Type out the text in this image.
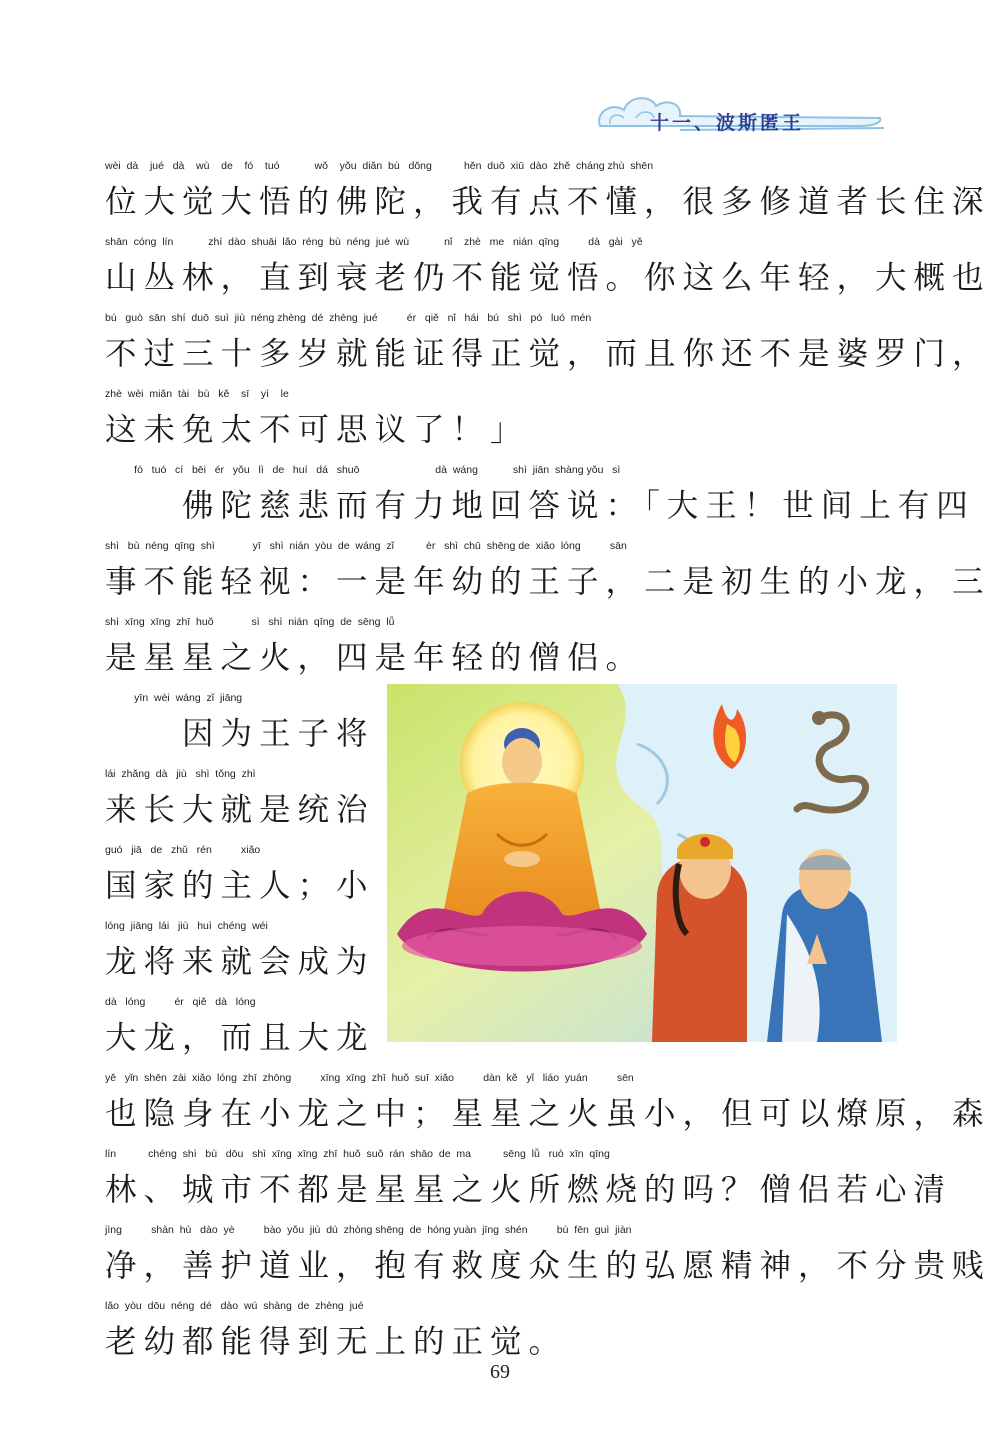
十一、波斯匿王
wèi  dà    jué   dà    wù    de    fó    tuó            wǒ    yǒu  diǎn  bù   dǒng           hěn  duō  xiū  dào  zhě  cháng zhù  shēn
位大觉大悟的佛陀，我有点不懂，很多修道者长住深
shān  cóng  lín            zhí  dào  shuāi  lǎo  réng  bù  néng  jué  wù            nǐ    zhè   me   nián  qīng          dà   gài   yě
山丛林，直到衰老仍不能觉悟。你这么年轻，大概也
bú   guò  sān  shí  duō  suì  jiù  néng zhèng  dé  zhèng  jué          ér   qiě   nǐ   hái   bú   shì   pó   luó  mén
不过三十多岁就能证得正觉，而且你还不是婆罗门，
zhè  wèi  miǎn  tài   bù   kě    sī    yì    le
这未免太不可思议了！」
fó   tuó   cí   bēi   ér   yǒu   lì   de   huí   dá   shuō                          dà  wáng            shì  jiān  shàng yǒu   sì
　　佛陀慈悲而有力地回答说：「大王！世间上有四
shì   bù  néng  qīng  shì             yī   shì  nián  yòu  de  wáng  zǐ           èr   shì  chū  shēng de  xiǎo  lóng          sān
事不能轻视：一是年幼的王子，二是初生的小龙，三
shì  xīng  xīng  zhī  huǒ             sì   shì  nián  qīng  de  sēng  lǚ
是星星之火，四是年轻的僧侣。
yīn  wèi  wáng  zǐ  jiāng
　　因为王子将
lái  zhǎng  dà   jiù   shì  tǒng  zhì
来长大就是统治
guó   jiā   de   zhǔ   rén          xiǎo
国家的主人；小
lóng  jiāng  lái   jiù   huì  chéng  wéi
龙将来就会成为
dà   lóng          ér   qiě   dà   lóng
大龙，而且大龙
yě   yǐn  shēn  zài  xiǎo  lóng  zhī  zhōng          xīng  xīng  zhī  huǒ  suī  xiǎo          dàn  kě   yǐ   liáo  yuán          sēn
也隐身在小龙之中；星星之火虽小，但可以燎原，森
lín           chéng  shì   bù   dōu   shì  xīng  xīng  zhī  huǒ  suǒ  rán  shāo  de  ma           sēng  lǚ   ruò  xīn  qīng
林、城市不都是星星之火所燃烧的吗？僧侣若心清
jìng          shàn  hù   dào  yè          bào  yǒu  jiù  dù  zhòng shēng  de  hóng yuàn  jīng  shén          bù  fēn  guì  jiàn
净，善护道业，抱有救度众生的弘愿精神，不分贵贱
lǎo  yòu  dōu  néng  dé   dào  wú  shàng  de  zhèng  jué
老幼都能得到无上的正觉。
69
